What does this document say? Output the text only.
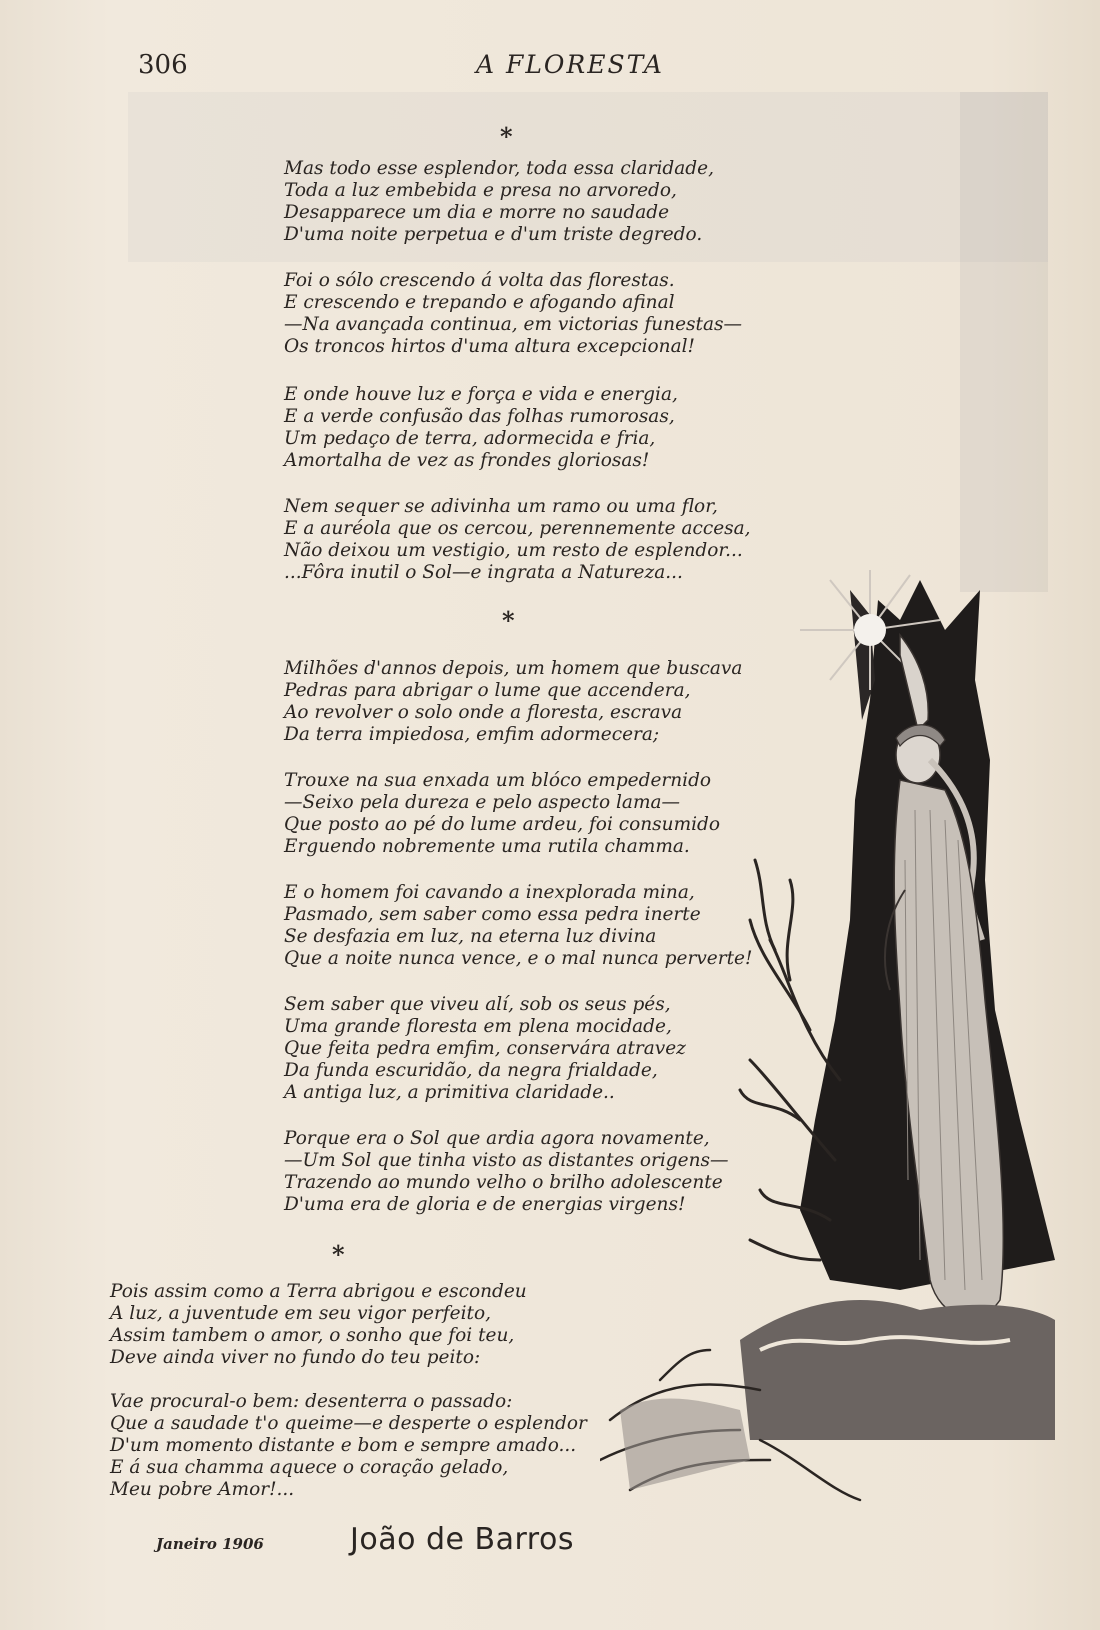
306	A FLORESTA
*
Mas todo esse esplendor, toda essa claridade,
Toda a luz embebida e presa no arvoredo,
Desapparece um dia e morre no saudade
D'uma noite perpetua e d'um triste degredo.
Foi o sólo crescendo á volta das florestas.
E crescendo e trepando e afogando afinal
—Na avançada continua, em victorias funestas—
Os troncos hirtos d'uma altura excepcional!
E onde houve luz e força e vida e energia,
E a verde confusão das folhas rumorosas,
Um pedaço de terra, adormecida e fria,
Amortalha de vez as frondes gloriosas!
Nem sequer se adivinha um ramo ou uma flor,
E a auréola que os cercou, perennemente accesa,
Não deixou um vestigio, um resto de esplendor...
...Fôra inutil o Sol—e ingrata a Natureza...
*
Milhões d'annos depois, um homem que buscava
Pedras para abrigar o lume que accendera,
Ao revolver o solo onde a floresta, escrava
Da terra impiedosa, emfim adormecera;
Trouxe na sua enxada um blóco empedernido
—Seixo pela dureza e pelo aspecto lama—
Que posto ao pé do lume ardeu, foi consumido
Erguendo nobremente uma rutila chamma.
E o homem foi cavando a inexplorada mina,
Pasmado, sem saber como essa pedra inerte
Se desfazia em luz, na eterna luz divina
Que a noite nunca vence, e o mal nunca perverte!
Sem saber que viveu alí, sob os seus pés,
Uma grande floresta em plena mocidade,
Que feita pedra emfim, conservára atravez
Da funda escuridão, da negra frialdade,
A antiga luz, a primitiva claridade..
Porque era o Sol que ardia agora novamente,
—Um Sol que tinha visto as distantes origens—
Trazendo ao mundo velho o brilho adolescente
D'uma era de gloria e de energias virgens!
*
Pois assim como a Terra abrigou e escondeu
A luz, a juventude em seu vigor perfeito,
Assim tambem o amor, o sonho que foi teu,
Deve ainda viver no fundo do teu peito:
Vae procural-o bem: desenterra o passado:
Que a saudade t'o queime—e desperte o esplendor
D'um momento distante e bom e sempre amado...
E á sua chamma aquece o coração gelado,
Meu pobre Amor!...
Janeiro 1906	João de Barros
